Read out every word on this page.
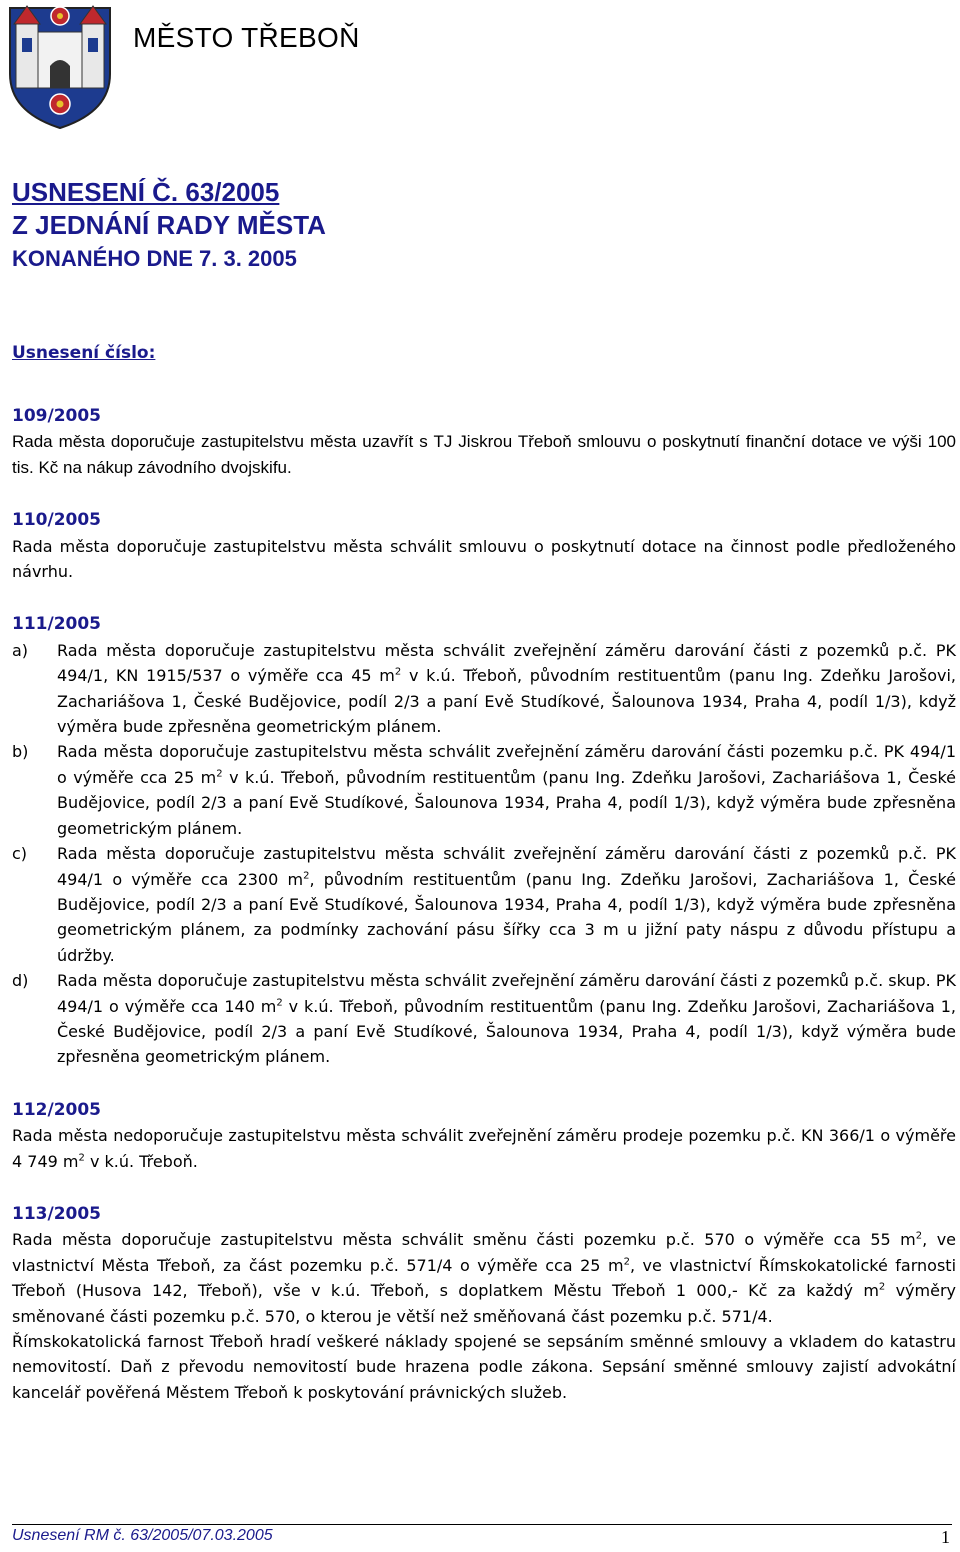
MĚSTO TŘEBOŇ
USNESENÍ Č. 63/2005
Z JEDNÁNÍ RADY MĚSTA
KONANÉHO DNE 7. 3. 2005
Usnesení číslo:
109/2005
Rada města doporučuje zastupitelstvu města uzavřít s TJ Jiskrou Třeboň smlouvu o poskytnutí finanční dotace ve výši 100 tis. Kč na nákup závodního dvojskifu.
110/2005
Rada města doporučuje zastupitelstvu města schválit smlouvu o poskytnutí dotace na činnost podle předloženého návrhu.
111/2005
a)	Rada města doporučuje zastupitelstvu města schválit zveřejnění záměru darování části z pozemků p.č. PK 494/1, KN 1915/537 o výměře cca 45 $m^2$ v k.ú. Třeboň, původním restituentům (panu Ing. Zdeňku Jarošovi, Zachariášova 1, České Budějovice, podíl 2/3 a paní Evě Studíkové, Šalounova 1934, Praha 4, podíl 1/3), když výměra bude zpřesněna geometrickým plánem.
b)	Rada města doporučuje zastupitelstvu města schválit zveřejnění záměru darování části pozemku p.č. PK 494/1 o výměře cca 25 $m^2$ v k.ú. Třeboň, původním restituentům (panu Ing. Zdeňku Jarošovi, Zachariášova 1, České Budějovice, podíl 2/3 a paní Evě Studíkové, Šalounova 1934, Praha 4, podíl 1/3), když výměra bude zpřesněna geometrickým plánem.
c)	Rada města doporučuje zastupitelstvu města schválit zveřejnění záměru darování části z pozemků p.č. PK 494/1 o výměře cca 2300 $m^2$, původním restituentům (panu Ing. Zdeňku Jarošovi, Zachariášova 1, České Budějovice, podíl 2/3 a paní Evě Studíkové, Šalounova 1934, Praha 4, podíl 1/3), když výměra bude zpřesněna geometrickým plánem, za podmínky zachování pásu šířky cca 3 m u jižní paty náspu z důvodu přístupu a údržby.
d)	Rada města doporučuje zastupitelstvu města schválit zveřejnění záměru darování části z pozemků p.č. skup. PK 494/1 o výměře cca 140 $m^2$ v k.ú. Třeboň, původním restituentům (panu Ing. Zdeňku Jarošovi, Zachariášova 1, České Budějovice, podíl 2/3 a paní Evě Studíkové, Šalounova 1934, Praha 4, podíl 1/3), když výměra bude zpřesněna geometrickým plánem.
112/2005
Rada města nedoporučuje zastupitelstvu města schválit zveřejnění záměru prodeje pozemku p.č. KN 366/1 o výměře 4 749 $m^2$ v k.ú. Třeboň.
113/2005
Rada města doporučuje zastupitelstvu města schválit směnu části pozemku p.č. 570 o výměře cca 55 $m^2$, ve vlastnictví Města Třeboň, za část pozemku p.č. 571/4 o výměře cca 25 $m^2$, ve vlastnictví Římskokatolické farnosti Třeboň (Husova 142, Třeboň), vše v k.ú. Třeboň, s doplatkem Městu Třeboň 1 000,- Kč za každý $m^2$ výměry směnované části pozemku p.č. 570, o kterou je větší než směňovaná část pozemku p.č. 571/4.
Římskokatolická farnost Třeboň hradí veškeré náklady spojené se sepsáním směnné smlouvy a vkladem do katastru nemovitostí. Daň z převodu nemovitostí bude hrazena podle zákona. Sepsání směnné smlouvy zajistí advokátní kancelář pověřená Městem Třeboň k poskytování právnických služeb.
Usnesení RM č. 63/2005/07.03.2005	1
